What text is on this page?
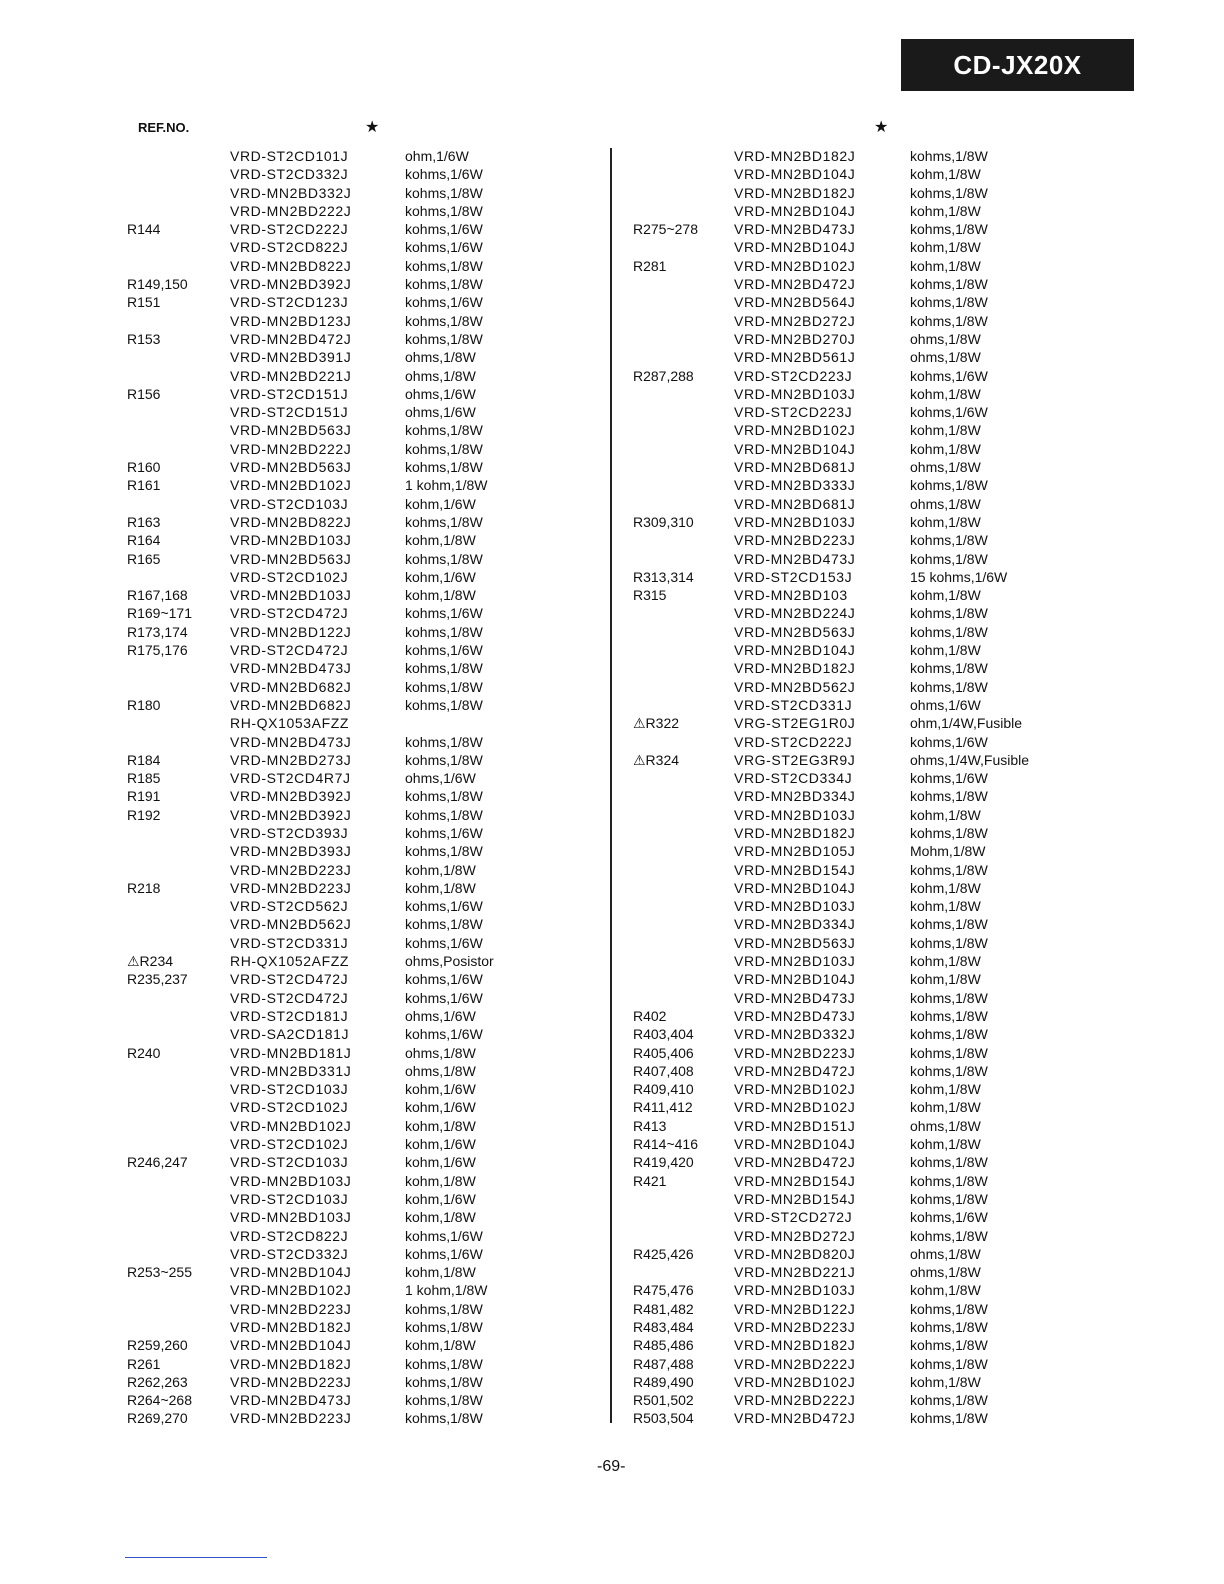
CD-JX20X
REF.NO.	★	★
VRD-ST2CD101J	ohm,1/6W
VRD-ST2CD332J	kohms,1/6W
VRD-MN2BD332J	kohms,1/8W
VRD-MN2BD222J	kohms,1/8W
R144	VRD-ST2CD222J	kohms,1/6W
VRD-ST2CD822J	kohms,1/6W
VRD-MN2BD822J	kohms,1/8W
R149,150	VRD-MN2BD392J	kohms,1/8W
R151	VRD-ST2CD123J	kohms,1/6W
VRD-MN2BD123J	kohms,1/8W
R153	VRD-MN2BD472J	kohms,1/8W
VRD-MN2BD391J	ohms,1/8W
VRD-MN2BD221J	ohms,1/8W
R156	VRD-ST2CD151J	ohms,1/6W
VRD-ST2CD151J	ohms,1/6W
VRD-MN2BD563J	kohms,1/8W
VRD-MN2BD222J	kohms,1/8W
R160	VRD-MN2BD563J	kohms,1/8W
R161	VRD-MN2BD102J	1 kohm,1/8W
VRD-ST2CD103J	kohm,1/6W
R163	VRD-MN2BD822J	kohms,1/8W
R164	VRD-MN2BD103J	kohm,1/8W
R165	VRD-MN2BD563J	kohms,1/8W
VRD-ST2CD102J	kohm,1/6W
R167,168	VRD-MN2BD103J	kohm,1/8W
R169~171	VRD-ST2CD472J	kohms,1/6W
R173,174	VRD-MN2BD122J	kohms,1/8W
R175,176	VRD-ST2CD472J	kohms,1/6W
VRD-MN2BD473J	kohms,1/8W
VRD-MN2BD682J	kohms,1/8W
R180	VRD-MN2BD682J	kohms,1/8W
RH-QX1053AFZZ
VRD-MN2BD473J	kohms,1/8W
R184	VRD-MN2BD273J	kohms,1/8W
R185	VRD-ST2CD4R7J	ohms,1/6W
R191	VRD-MN2BD392J	kohms,1/8W
R192	VRD-MN2BD392J	kohms,1/8W
VRD-ST2CD393J	kohms,1/6W
VRD-MN2BD393J	kohms,1/8W
VRD-MN2BD223J	kohm,1/8W
R218	VRD-MN2BD223J	kohm,1/8W
VRD-ST2CD562J	kohms,1/6W
VRD-MN2BD562J	kohms,1/8W
VRD-ST2CD331J	kohms,1/6W
⚠R234	RH-QX1052AFZZ	ohms,Posistor
R235,237	VRD-ST2CD472J	kohms,1/6W
VRD-ST2CD472J	kohms,1/6W
VRD-ST2CD181J	ohms,1/6W
VRD-SA2CD181J	kohms,1/6W
R240	VRD-MN2BD181J	ohms,1/8W
VRD-MN2BD331J	ohms,1/8W
VRD-ST2CD103J	kohm,1/6W
VRD-ST2CD102J	kohm,1/6W
VRD-MN2BD102J	kohm,1/8W
VRD-ST2CD102J	kohm,1/6W
R246,247	VRD-ST2CD103J	kohm,1/6W
VRD-MN2BD103J	kohm,1/8W
VRD-ST2CD103J	kohm,1/6W
VRD-MN2BD103J	kohm,1/8W
VRD-ST2CD822J	kohms,1/6W
VRD-ST2CD332J	kohms,1/6W
R253~255	VRD-MN2BD104J	kohm,1/8W
VRD-MN2BD102J	1 kohm,1/8W
VRD-MN2BD223J	kohms,1/8W
VRD-MN2BD182J	kohms,1/8W
R259,260	VRD-MN2BD104J	kohm,1/8W
R261	VRD-MN2BD182J	kohms,1/8W
R262,263	VRD-MN2BD223J	kohms,1/8W
R264~268	VRD-MN2BD473J	kohms,1/8W
R269,270	VRD-MN2BD223J	kohms,1/8W
VRD-MN2BD182J	kohms,1/8W
VRD-MN2BD104J	kohm,1/8W
VRD-MN2BD182J	kohms,1/8W
VRD-MN2BD104J	kohm,1/8W
R275~278	VRD-MN2BD473J	kohms,1/8W
VRD-MN2BD104J	kohm,1/8W
R281	VRD-MN2BD102J	kohm,1/8W
VRD-MN2BD472J	kohms,1/8W
VRD-MN2BD564J	kohms,1/8W
VRD-MN2BD272J	kohms,1/8W
VRD-MN2BD270J	ohms,1/8W
VRD-MN2BD561J	ohms,1/8W
R287,288	VRD-ST2CD223J	kohms,1/6W
VRD-MN2BD103J	kohm,1/8W
VRD-ST2CD223J	kohms,1/6W
VRD-MN2BD102J	kohm,1/8W
VRD-MN2BD104J	kohm,1/8W
VRD-MN2BD681J	ohms,1/8W
VRD-MN2BD333J	kohms,1/8W
VRD-MN2BD681J	ohms,1/8W
R309,310	VRD-MN2BD103J	kohm,1/8W
VRD-MN2BD223J	kohms,1/8W
VRD-MN2BD473J	kohms,1/8W
R313,314	VRD-ST2CD153J	15 kohms,1/6W
R315	VRD-MN2BD103	kohm,1/8W
VRD-MN2BD224J	kohms,1/8W
VRD-MN2BD563J	kohms,1/8W
VRD-MN2BD104J	kohm,1/8W
VRD-MN2BD182J	kohms,1/8W
VRD-MN2BD562J	kohms,1/8W
VRD-ST2CD331J	ohms,1/6W
⚠R322	VRG-ST2EG1R0J	ohm,1/4W,Fusible
VRD-ST2CD222J	kohms,1/6W
⚠R324	VRG-ST2EG3R9J	ohms,1/4W,Fusible
VRD-ST2CD334J	kohms,1/6W
VRD-MN2BD334J	kohms,1/8W
VRD-MN2BD103J	kohm,1/8W
VRD-MN2BD182J	kohms,1/8W
VRD-MN2BD105J	Mohm,1/8W
VRD-MN2BD154J	kohms,1/8W
VRD-MN2BD104J	kohm,1/8W
VRD-MN2BD103J	kohm,1/8W
VRD-MN2BD334J	kohms,1/8W
VRD-MN2BD563J	kohms,1/8W
VRD-MN2BD103J	kohm,1/8W
VRD-MN2BD104J	kohm,1/8W
VRD-MN2BD473J	kohms,1/8W
R402	VRD-MN2BD473J	kohms,1/8W
R403,404	VRD-MN2BD332J	kohms,1/8W
R405,406	VRD-MN2BD223J	kohms,1/8W
R407,408	VRD-MN2BD472J	kohms,1/8W
R409,410	VRD-MN2BD102J	kohm,1/8W
R411,412	VRD-MN2BD102J	kohm,1/8W
R413	VRD-MN2BD151J	ohms,1/8W
R414~416	VRD-MN2BD104J	kohm,1/8W
R419,420	VRD-MN2BD472J	kohms,1/8W
R421	VRD-MN2BD154J	kohms,1/8W
VRD-MN2BD154J	kohms,1/8W
VRD-ST2CD272J	kohms,1/6W
VRD-MN2BD272J	kohms,1/8W
R425,426	VRD-MN2BD820J	ohms,1/8W
VRD-MN2BD221J	ohms,1/8W
R475,476	VRD-MN2BD103J	kohm,1/8W
R481,482	VRD-MN2BD122J	kohms,1/8W
R483,484	VRD-MN2BD223J	kohms,1/8W
R485,486	VRD-MN2BD182J	kohms,1/8W
R487,488	VRD-MN2BD222J	kohms,1/8W
R489,490	VRD-MN2BD102J	kohm,1/8W
R501,502	VRD-MN2BD222J	kohms,1/8W
R503,504	VRD-MN2BD472J	kohms,1/8W
-69-
